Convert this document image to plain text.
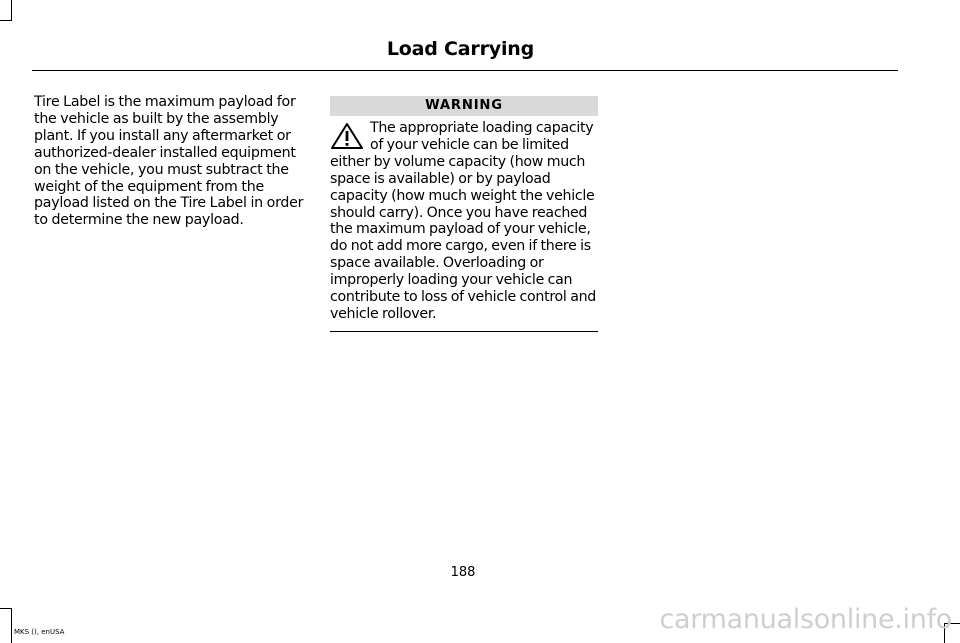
Load Carrying
Tire Label is the maximum payload for the vehicle as built by the assembly plant. If you install any aftermarket or authorized-dealer installed equipment on the vehicle, you must subtract the weight of the equipment from the payload listed on the Tire Label in order to determine the new payload.
WARNING
The appropriate loading capacity of your vehicle can be limited either by volume capacity (how much space is available) or by payload capacity (how much weight the vehicle should carry). Once you have reached the maximum payload of your vehicle, do not add more cargo, even if there is space available. Overloading or improperly loading your vehicle can contribute to loss of vehicle control and vehicle rollover.
188
MKS (), enUSA	carmanualsonline.info
